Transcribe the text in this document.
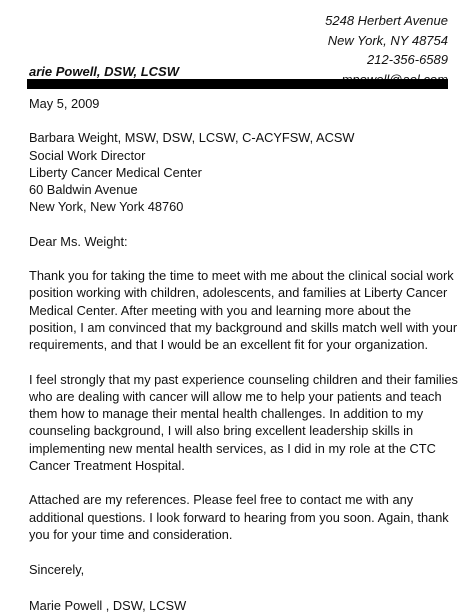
5248 Herbert Avenue
New York, NY 48754
212-356-6589

arie Powell, DSW, LCSW

May 5, 2009

Barbara Weight, MSW, DSW, LCSW, C-ACYFSW, ACSW

Social Work Director

Liberty Cancer Medical Center

60 Baldwin Avenue

New York, New York 48760

Dear Ms. Weight:

Thank you for taking the time to meet with me about the clinical social work position working with children, adolescents, and families at Liberty Cancer Medical Center. After meeting with you and learning more about the position, I am convinced that my background and skills match well with your requirements, and that I would be an excellent fit for your organization.

I feel strongly that my past experience counseling children and their families who are dealing with cancer will allow me to help your patients and teach them how to manage their mental health challenges. In addition to my counseling background, I will also bring excellent leadership skills in implementing new mental health services, as I did in my role at the CTC Cancer Treatment Hospital.

Attached are my references. Please feel free to contact me with any additional questions. I look forward to hearing from you soon. Again, thank you for your time and consideration.

Sincerely,

Marie Powell , DSW, LCSW
